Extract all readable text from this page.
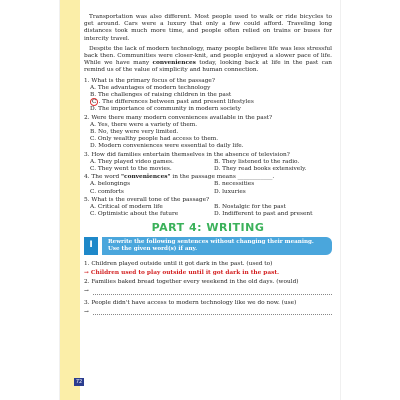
Transportation was also different. Most people used to walk or ride bicycles to get around. Cars were a luxury that only a few could afford. Traveling long distances took much more time, and people often relied on trains or buses for intercity travel.

Despite the lack of modern technology, many people believe life was less stressful back then. Communities were closer-knit, and people enjoyed a slower pace of life. While we have many conveniences today, looking back at life in the past can remind us of the value of simplicity and human connection.

1. What is the primary focus of the passage?
A. The advantages of modern technology
B. The challenges of raising children in the past
C . The differences between past and present lifestyles
D. The importance of community in modern society
2. Were there many modern conveniences available in the past?
A. Yes, there were a variety of them.
B. No, they were very limited.
C. Only wealthy people had access to them.
D. Modern conveniences were essential to daily life.
3. How did families entertain themselves in the absence of television?
A. They played video games.	B. They listened to the radio.
C. They went to the movies.	D. They read books extensively.
4. The word "conveniences" in the passage means ____________.
A. belongings	B. necessities
C. comforts	D. luxuries
5. What is the overall tone of the passage?
A. Critical of modern life	B. Nostalgic for the past
C. Optimistic about the future	D. Indifferent to past and present
PART 4: WRITING
I	Rewrite the following sentences without changing their meaning. Use the given word(s) if any.
1. Children played outside until it got dark in the past. (used to)
→ Children used to play outside until it got dark in the past.
2. Families baked bread together every weekend in the old days. (would)
→
3. People didn't have access to modern technology like we do now. (use)
→
72
